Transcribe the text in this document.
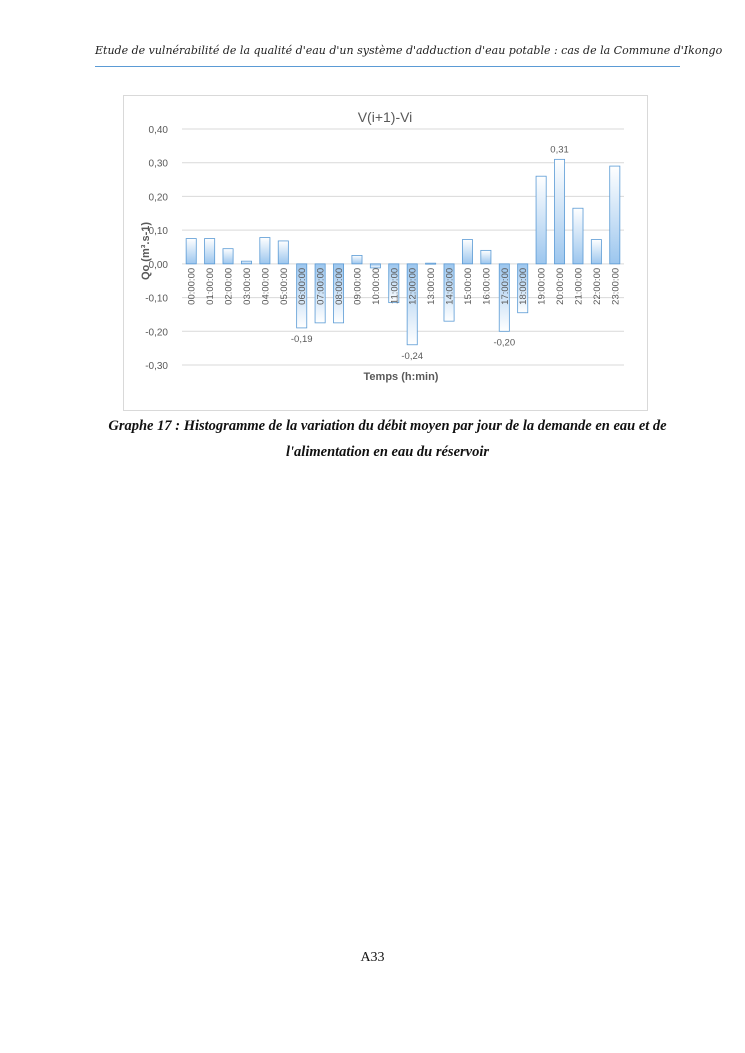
Etude de vulnérabilité de la qualité d'eau d'un système d'adduction d'eau potable : cas de la Commune d'Ikongo
V(i+1)-Vi
0,40
0,30
0,20
0,10
0,00
-0,10
-0,20
-0,30
00:00:00 01:00:00 02:00:00 03:00:00 04:00:00 05:00:00 06:00:00 07:00:00 08:00:00 09:00:00 10:00:00 11:00:00 12:00:00 13:00:00 14:00:00 15:00:00 16:00:00 17:00:00 18:00:00 19:00:00 20:00:00 21:00:00 22:00:00 23:00:00
-0,19
-0,24
-0,20
0,31
Temps (h:min)
Qo (m³.s-1)
Graphe 17 : Histogramme de la variation du débit moyen par jour de la demande en eau et de
l'alimentation en eau du réservoir
A33
